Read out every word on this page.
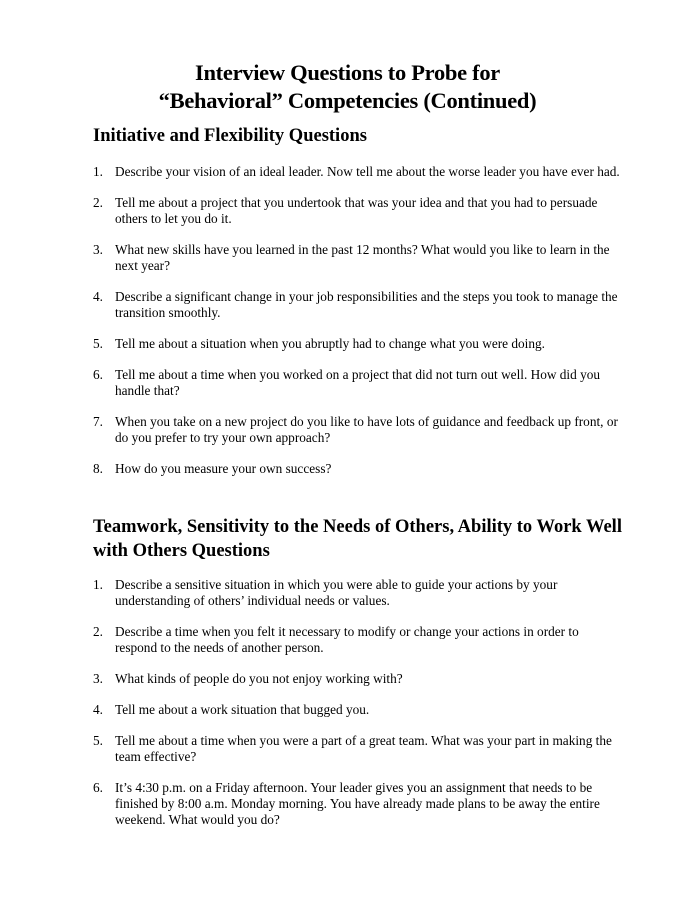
Interview Questions to Probe for
“Behavioral” Competencies (Continued)
Initiative and Flexibility Questions
1. Describe your vision of an ideal leader. Now tell me about the worse leader you have ever had.
2. Tell me about a project that you undertook that was your idea and that you had to persuade others to let you do it.
3. What new skills have you learned in the past 12 months? What would you like to learn in the next year?
4. Describe a significant change in your job responsibilities and the steps you took to manage the transition smoothly.
5. Tell me about a situation when you abruptly had to change what you were doing.
6. Tell me about a time when you worked on a project that did not turn out well. How did you handle that?
7. When you take on a new project do you like to have lots of guidance and feedback up front, or do you prefer to try your own approach?
8. How do you measure your own success?
Teamwork, Sensitivity to the Needs of Others, Ability to Work Well with Others Questions
1. Describe a sensitive situation in which you were able to guide your actions by your understanding of others’ individual needs or values.
2. Describe a time when you felt it necessary to modify or change your actions in order to respond to the needs of another person.
3. What kinds of people do you not enjoy working with?
4. Tell me about a work situation that bugged you.
5. Tell me about a time when you were a part of a great team. What was your part in making the team effective?
6. It’s 4:30 p.m. on a Friday afternoon. Your leader gives you an assignment that needs to be finished by 8:00 a.m. Monday morning. You have already made plans to be away the entire weekend. What would you do?
